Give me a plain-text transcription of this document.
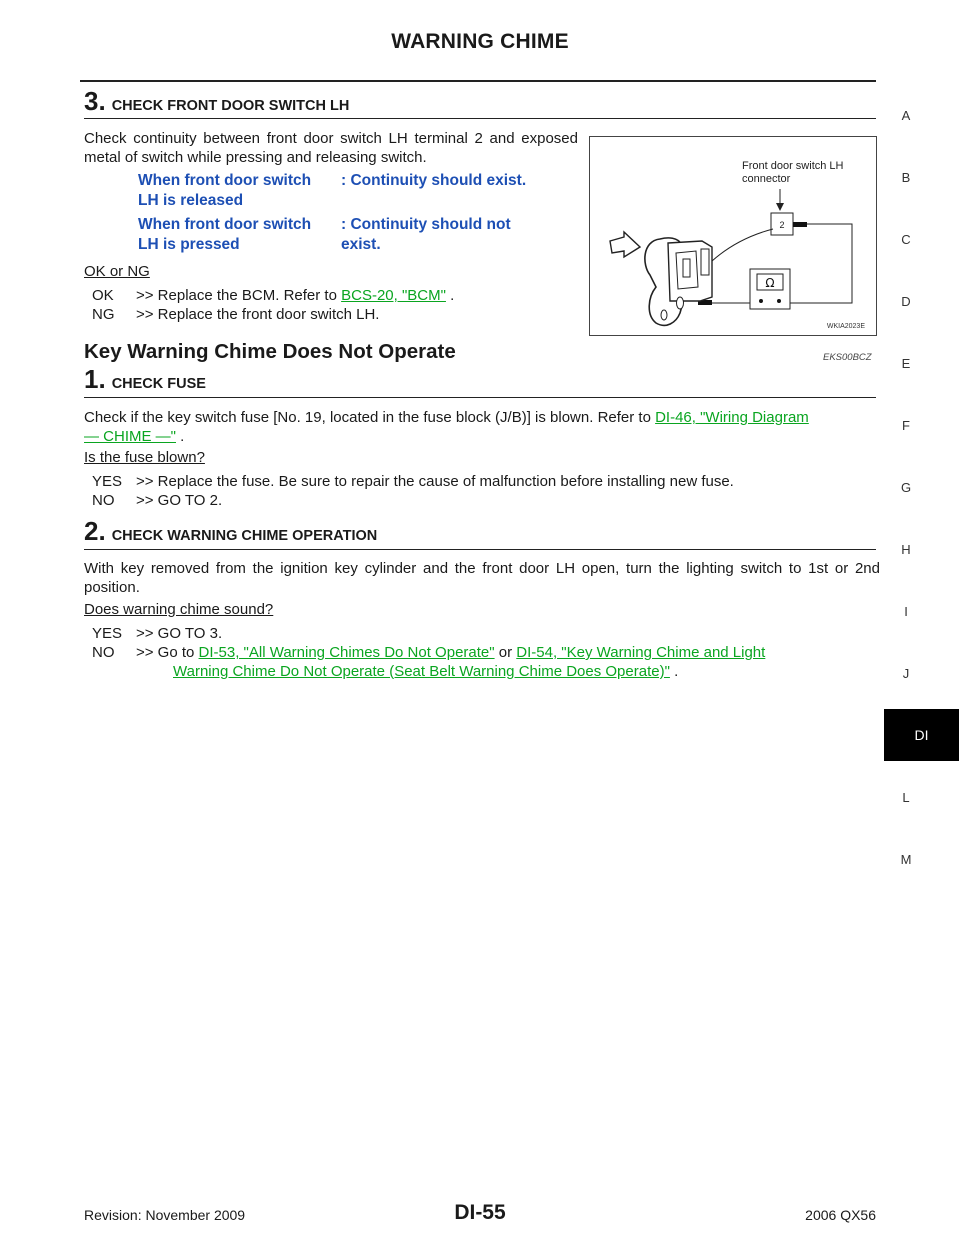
WARNING CHIME
3. CHECK FRONT DOOR SWITCH LH
Check continuity between front door switch LH terminal 2 and exposed metal of switch while pressing and releasing switch.
When front door switch
LH is released
: Continuity should exist.
When front door switch
LH is pressed
: Continuity should not
exist.
OK or NG
OK >> Replace the BCM. Refer to BCS-20, "BCM" .
NG >> Replace the front door switch LH.
Front door switch LH
connector
2
Ω
WKIA2023E
Key Warning Chime Does Not Operate	EKS00BCZ
1. CHECK FUSE
Check if the key switch fuse [No. 19, located in the fuse block (J/B)] is blown. Refer to DI-46, "Wiring Diagram
— CHIME —" .
Is the fuse blown?
YES >> Replace the fuse. Be sure to repair the cause of malfunction before installing new fuse.
NO >> GO TO 2.
2. CHECK WARNING CHIME OPERATION
With key removed from the ignition key cylinder and the front door LH open, turn the lighting switch to 1st or 2nd position.
Does warning chime sound?
YES >> GO TO 3.
NO >> Go to DI-53, "All Warning Chimes Do Not Operate" or DI-54, "Key Warning Chime and Light
Warning Chime Do Not Operate (Seat Belt Warning Chime Does Operate)" .
A
B
C
D
E
F
G
H
I
J
DI
L
M
Revision: November 2009	DI-55	2006 QX56
